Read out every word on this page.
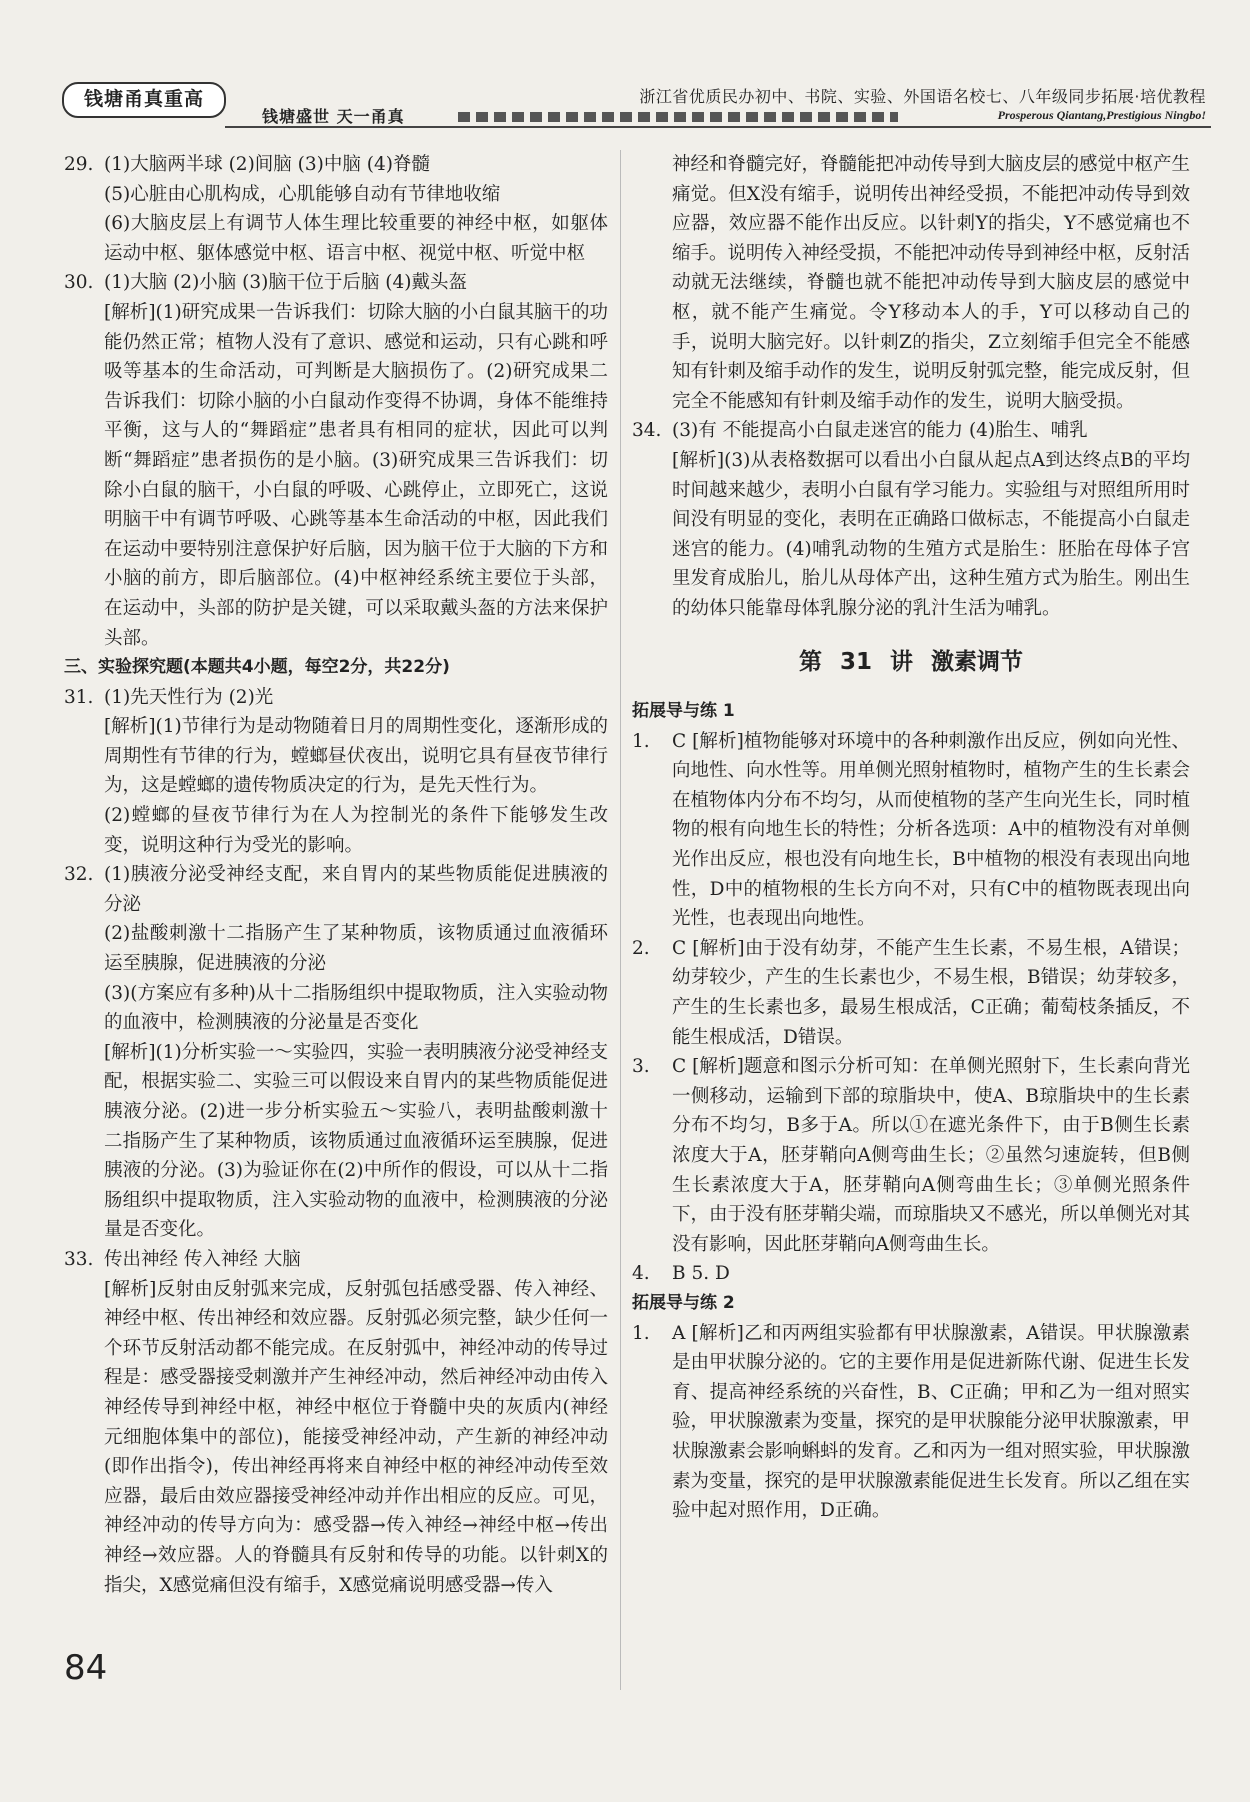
钱塘甬真重高
钱塘盛世 天一甬真
浙江省优质民办初中、书院、实验、外国语名校七、八年级同步拓展·培优教程
Prosperous Qiantang,Prestigious Ningbo!
29. (1)大脑两半球 (2)间脑 (3)中脑 (4)脊髓

(5)心脏由心肌构成，心肌能够自动有节律地收缩

(6)大脑皮层上有调节人体生理比较重要的神经中枢，如躯体运动中枢、躯体感觉中枢、语言中枢、视觉中枢、听觉中枢

30. (1)大脑 (2)小脑 (3)脑干位于后脑 (4)戴头盔

[解析](1)研究成果一告诉我们：切除大脑的小白鼠其脑干的功能仍然正常；植物人没有了意识、感觉和运动，只有心跳和呼吸等基本的生命活动，可判断是大脑损伤了。(2)研究成果二告诉我们：切除小脑的小白鼠动作变得不协调，身体不能维持平衡，这与人的“舞蹈症”患者具有相同的症状，因此可以判断“舞蹈症”患者损伤的是小脑。(3)研究成果三告诉我们：切除小白鼠的脑干，小白鼠的呼吸、心跳停止，立即死亡，这说明脑干中有调节呼吸、心跳等基本生命活动的中枢，因此我们在运动中要特别注意保护好后脑，因为脑干位于大脑的下方和小脑的前方，即后脑部位。(4)中枢神经系统主要位于头部，在运动中，头部的防护是关键，可以采取戴头盔的方法来保护头部。

三、实验探究题(本题共4小题，每空2分，共22分)
31. (1)先天性行为 (2)光

[解析](1)节律行为是动物随着日月的周期性变化，逐渐形成的周期性有节律的行为，螳螂昼伏夜出，说明它具有昼夜节律行为，这是螳螂的遗传物质决定的行为，是先天性行为。

(2)螳螂的昼夜节律行为在人为控制光的条件下能够发生改变，说明这种行为受光的影响。

32. (1)胰液分泌受神经支配，来自胃内的某些物质能促进胰液的分泌

(2)盐酸刺激十二指肠产生了某种物质，该物质通过血液循环运至胰腺，促进胰液的分泌

(3)(方案应有多种)从十二指肠组织中提取物质，注入实验动物的血液中，检测胰液的分泌量是否变化

[解析](1)分析实验一～实验四，实验一表明胰液分泌受神经支配，根据实验二、实验三可以假设来自胃内的某些物质能促进胰液分泌。(2)进一步分析实验五～实验八，表明盐酸刺激十二指肠产生了某种物质，该物质通过血液循环运至胰腺，促进胰液的分泌。(3)为验证你在(2)中所作的假设，可以从十二指肠组织中提取物质，注入实验动物的血液中，检测胰液的分泌量是否变化。

33. 传出神经 传入神经 大脑

[解析]反射由反射弧来完成，反射弧包括感受器、传入神经、神经中枢、传出神经和效应器。反射弧必须完整，缺少任何一个环节反射活动都不能完成。在反射弧中，神经冲动的传导过程是：感受器接受刺激并产生神经冲动，然后神经冲动由传入神经传导到神经中枢，神经中枢位于脊髓中央的灰质内(神经元细胞体集中的部位)，能接受神经冲动，产生新的神经冲动(即作出指令)，传出神经再将来自神经中枢的神经冲动传至效应器，最后由效应器接受神经冲动并作出相应的反应。可见，神经冲动的传导方向为：感受器→传入神经→神经中枢→传出神经→效应器。人的脊髓具有反射和传导的功能。以针刺X的指尖，X感觉痛但没有缩手，X感觉痛说明感受器→传入

神经和脊髓完好，脊髓能把冲动传导到大脑皮层的感觉中枢产生痛觉。但X没有缩手，说明传出神经受损，不能把冲动传导到效应器，效应器不能作出反应。以针刺Y的指尖，Y不感觉痛也不缩手。说明传入神经受损，不能把冲动传导到神经中枢，反射活动就无法继续，脊髓也就不能把冲动传导到大脑皮层的感觉中枢，就不能产生痛觉。令Y移动本人的手，Y可以移动自己的手，说明大脑完好。以针刺Z的指尖，Z立刻缩手但完全不能感知有针刺及缩手动作的发生，说明反射弧完整，能完成反射，但完全不能感知有针刺及缩手动作的发生，说明大脑受损。

34. (3)有 不能提高小白鼠走迷宫的能力 (4)胎生、哺乳

[解析](3)从表格数据可以看出小白鼠从起点A到达终点B的平均时间越来越少，表明小白鼠有学习能力。实验组与对照组所用时间没有明显的变化，表明在正确路口做标志，不能提高小白鼠走迷宫的能力。(4)哺乳动物的生殖方式是胎生：胚胎在母体子宫里发育成胎儿，胎儿从母体产出，这种生殖方式为胎生。刚出生的幼体只能靠母体乳腺分泌的乳汁生活为哺乳。

第 31 讲 激素调节
拓展导与练 1
1. C [解析]植物能够对环境中的各种刺激作出反应，例如向光性、向地性、向水性等。用单侧光照射植物时，植物产生的生长素会在植物体内分布不均匀，从而使植物的茎产生向光生长，同时植物的根有向地生长的特性；分析各选项：A中的植物没有对单侧光作出反应，根也没有向地生长，B中植物的根没有表现出向地性，D中的植物根的生长方向不对，只有C中的植物既表现出向光性，也表现出向地性。

2. C [解析]由于没有幼芽，不能产生生长素，不易生根，A错误；幼芽较少，产生的生长素也少，不易生根，B错误；幼芽较多，产生的生长素也多，最易生根成活，C正确；葡萄枝条插反，不能生根成活，D错误。

3. C [解析]题意和图示分析可知：在单侧光照射下，生长素向背光一侧移动，运输到下部的琼脂块中，使A、B琼脂块中的生长素分布不均匀，B多于A。所以①在遮光条件下，由于B侧生长素浓度大于A，胚芽鞘向A侧弯曲生长；②虽然匀速旋转，但B侧生长素浓度大于A，胚芽鞘向A侧弯曲生长；③单侧光照条件下，由于没有胚芽鞘尖端，而琼脂块又不感光，所以单侧光对其没有影响，因此胚芽鞘向A侧弯曲生长。

4. B 5. D

拓展导与练 2
1. A [解析]乙和丙两组实验都有甲状腺激素，A错误。甲状腺激素是由甲状腺分泌的。它的主要作用是促进新陈代谢、促进生长发育、提高神经系统的兴奋性，B、C正确；甲和乙为一组对照实验，甲状腺激素为变量，探究的是甲状腺能分泌甲状腺激素，甲状腺激素会影响蝌蚪的发育。乙和丙为一组对照实验，甲状腺激素为变量，探究的是甲状腺激素能促进生长发育。所以乙组在实验中起对照作用，D正确。

84
